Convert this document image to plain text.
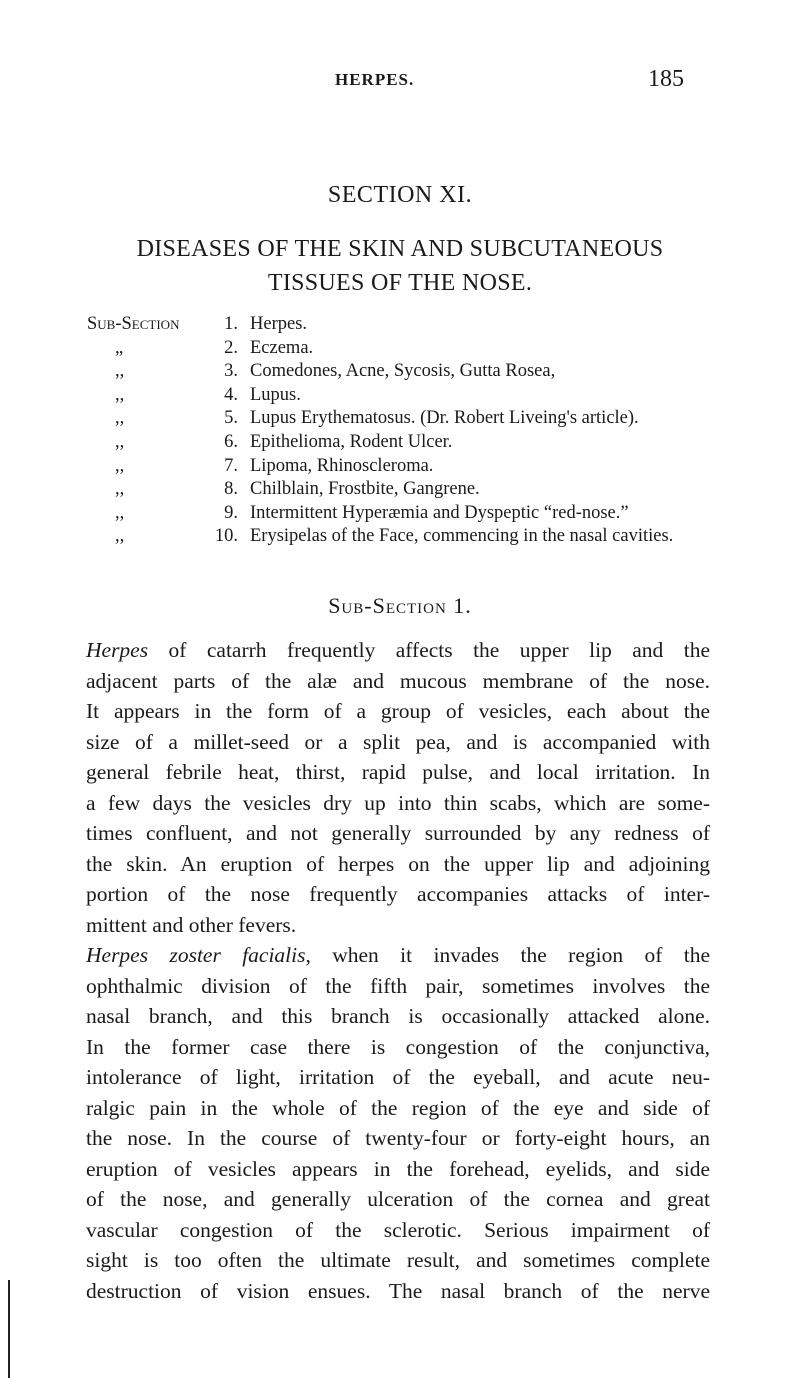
HERPES.	185
SECTION XI.
DISEASES OF THE SKIN AND SUBCUTANEOUS
TISSUES OF THE NOSE.
Sub-Section	1. Herpes.
„	2. Eczema.
,,	3. Comedones, Acne, Sycosis, Gutta Rosea,
,,	4. Lupus.
,,	5. Lupus Erythematosus. (Dr. Robert Liveing's article).
,,	6. Epithelioma, Rodent Ulcer.
,,	7. Lipoma, Rhinoscleroma.
,,	8. Chilblain, Frostbite, Gangrene.
,,	9. Intermittent Hyperæmia and Dyspeptic “red-nose.”
,,	10. Erysipelas of the Face, commencing in the nasal cavities.
Sub-Section 1.
Herpes of catarrh frequently affects the upper lip and the
adjacent parts of the alæ and mucous membrane of the nose.
It appears in the form of a group of vesicles, each about the
size of a millet-seed or a split pea, and is accompanied with
general febrile heat, thirst, rapid pulse, and local irritation. In
a few days the vesicles dry up into thin scabs, which are some-
times confluent, and not generally surrounded by any redness of
the skin. An eruption of herpes on the upper lip and adjoining
portion of the nose frequently accompanies attacks of inter-
mittent and other fevers.
Herpes zoster facialis, when it invades the region of the
ophthalmic division of the fifth pair, sometimes involves the
nasal branch, and this branch is occasionally attacked alone.
In the former case there is congestion of the conjunctiva,
intolerance of light, irritation of the eyeball, and acute neu-
ralgic pain in the whole of the region of the eye and side of
the nose. In the course of twenty-four or forty-eight hours, an
eruption of vesicles appears in the forehead, eyelids, and side
of the nose, and generally ulceration of the cornea and great
vascular congestion of the sclerotic. Serious impairment of
sight is too often the ultimate result, and sometimes complete
destruction of vision ensues. The nasal branch of the nerve
